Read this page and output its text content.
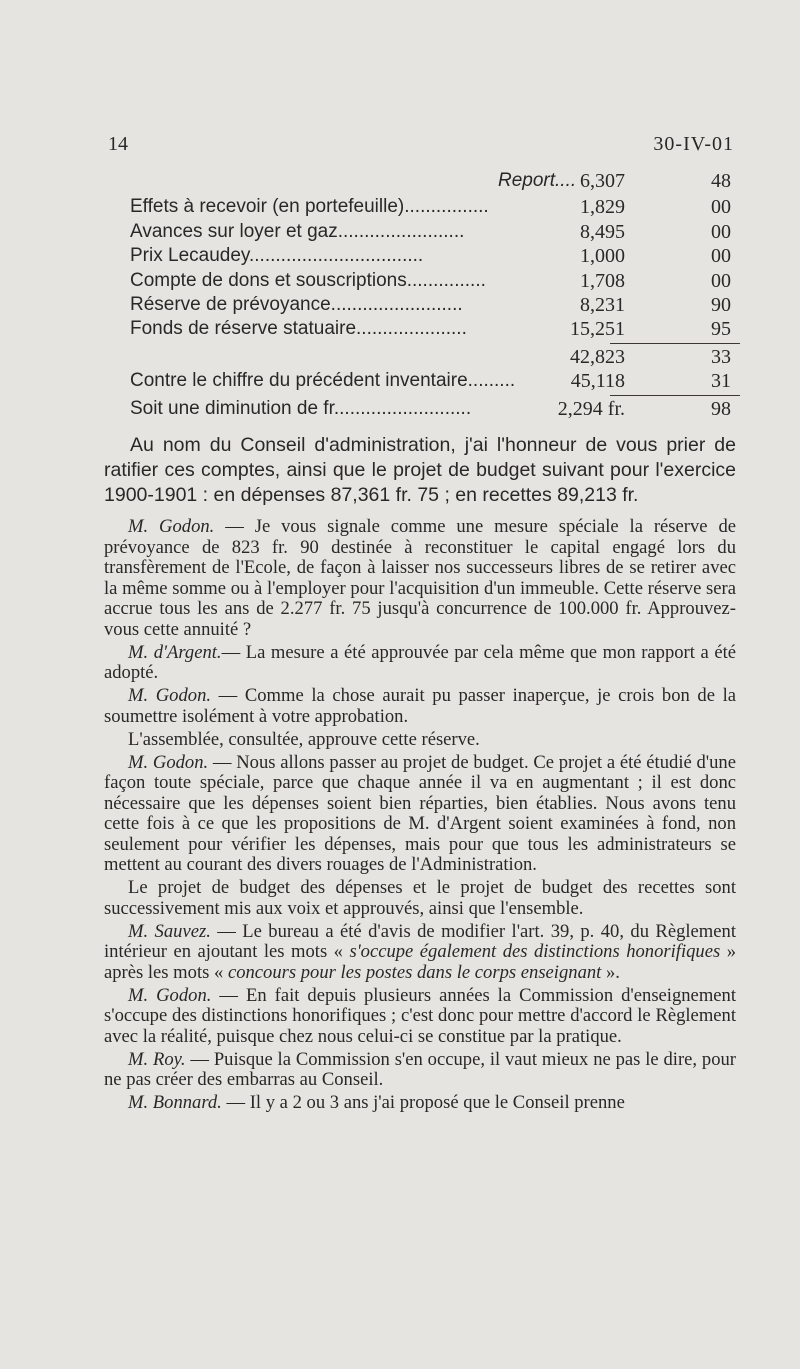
14	30-IV-01
Report.... 6,307	48
Effets à recevoir (en portefeuille)................	1,829	00
Avances sur loyer et gaz........................	8,495	00
Prix Lecaudey.................................	1,000	00
Compte de dons et souscriptions...............	1,708	00
Réserve de prévoyance.........................	8,231	90
Fonds de réserve statuaire.....................	15,251	95
42,823	33
Contre le chiffre du précédent inventaire.........	45,118	31
Soit une diminution de fr..........................	2,294 fr.	98

Au nom du Conseil d'administration, j'ai l'honneur de vous prier de ratifier ces comptes, ainsi que le projet de budget suivant pour l'exercice 1900-1901 : en dépenses 87,361 fr. 75 ; en recettes 89,213 fr.

M. Godon. — Je vous signale comme une mesure spéciale la réserve de prévoyance de 823 fr. 90 destinée à reconstituer le capital engagé lors du transfèrement de l'Ecole, de façon à laisser nos successeurs libres de se retirer avec la même somme ou à l'employer pour l'acquisition d'un immeuble. Cette réserve sera accrue tous les ans de 2.277 fr. 75 jusqu'à concurrence de 100.000 fr. Approuvez-vous cette annuité ?

M. d'Argent.— La mesure a été approuvée par cela même que mon rapport a été adopté.

M. Godon. — Comme la chose aurait pu passer inaperçue, je crois bon de la soumettre isolément à votre approbation.

L'assemblée, consultée, approuve cette réserve.

M. Godon. — Nous allons passer au projet de budget. Ce projet a été étudié d'une façon toute spéciale, parce que chaque année il va en augmentant ; il est donc nécessaire que les dépenses soient bien réparties, bien établies. Nous avons tenu cette fois à ce que les propositions de M. d'Argent soient examinées à fond, non seulement pour vérifier les dépenses, mais pour que tous les administrateurs se mettent au courant des divers rouages de l'Administration.

Le projet de budget des dépenses et le projet de budget des recettes sont successivement mis aux voix et approuvés, ainsi que l'ensemble.

M. Sauvez. — Le bureau a été d'avis de modifier l'art. 39, p. 40, du Règlement intérieur en ajoutant les mots « s'occupe également des distinctions honorifiques » après les mots « concours pour les postes dans le corps enseignant ».

M. Godon. — En fait depuis plusieurs années la Commission d'enseignement s'occupe des distinctions honorifiques ; c'est donc pour mettre d'accord le Règlement avec la réalité, puisque chez nous celui-ci se constitue par la pratique.

M. Roy. — Puisque la Commission s'en occupe, il vaut mieux ne pas le dire, pour ne pas créer des embarras au Conseil.

M. Bonnard. — Il y a 2 ou 3 ans j'ai proposé que le Conseil prenne
